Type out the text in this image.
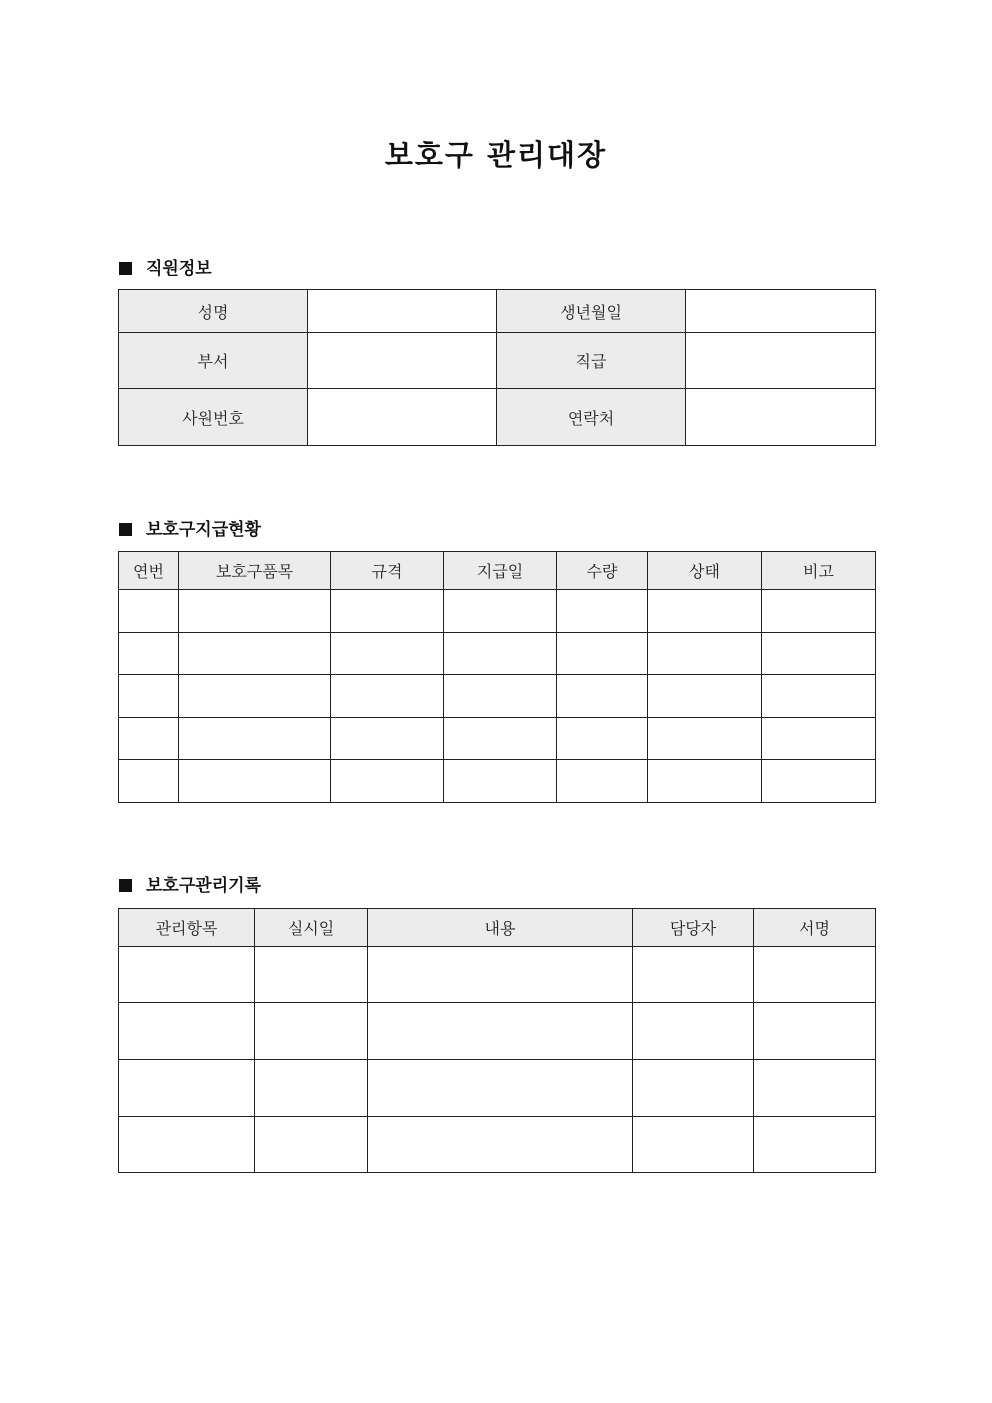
보호구 관리대장
직원정보
성명		생년월일	
부서		직급	
사원번호		연락처	
보호구지급현황
연번	보호구품목	규격	지급일	수량	상태	비고

보호구관리기록
관리항목	실시일	내용	담당자	서명
